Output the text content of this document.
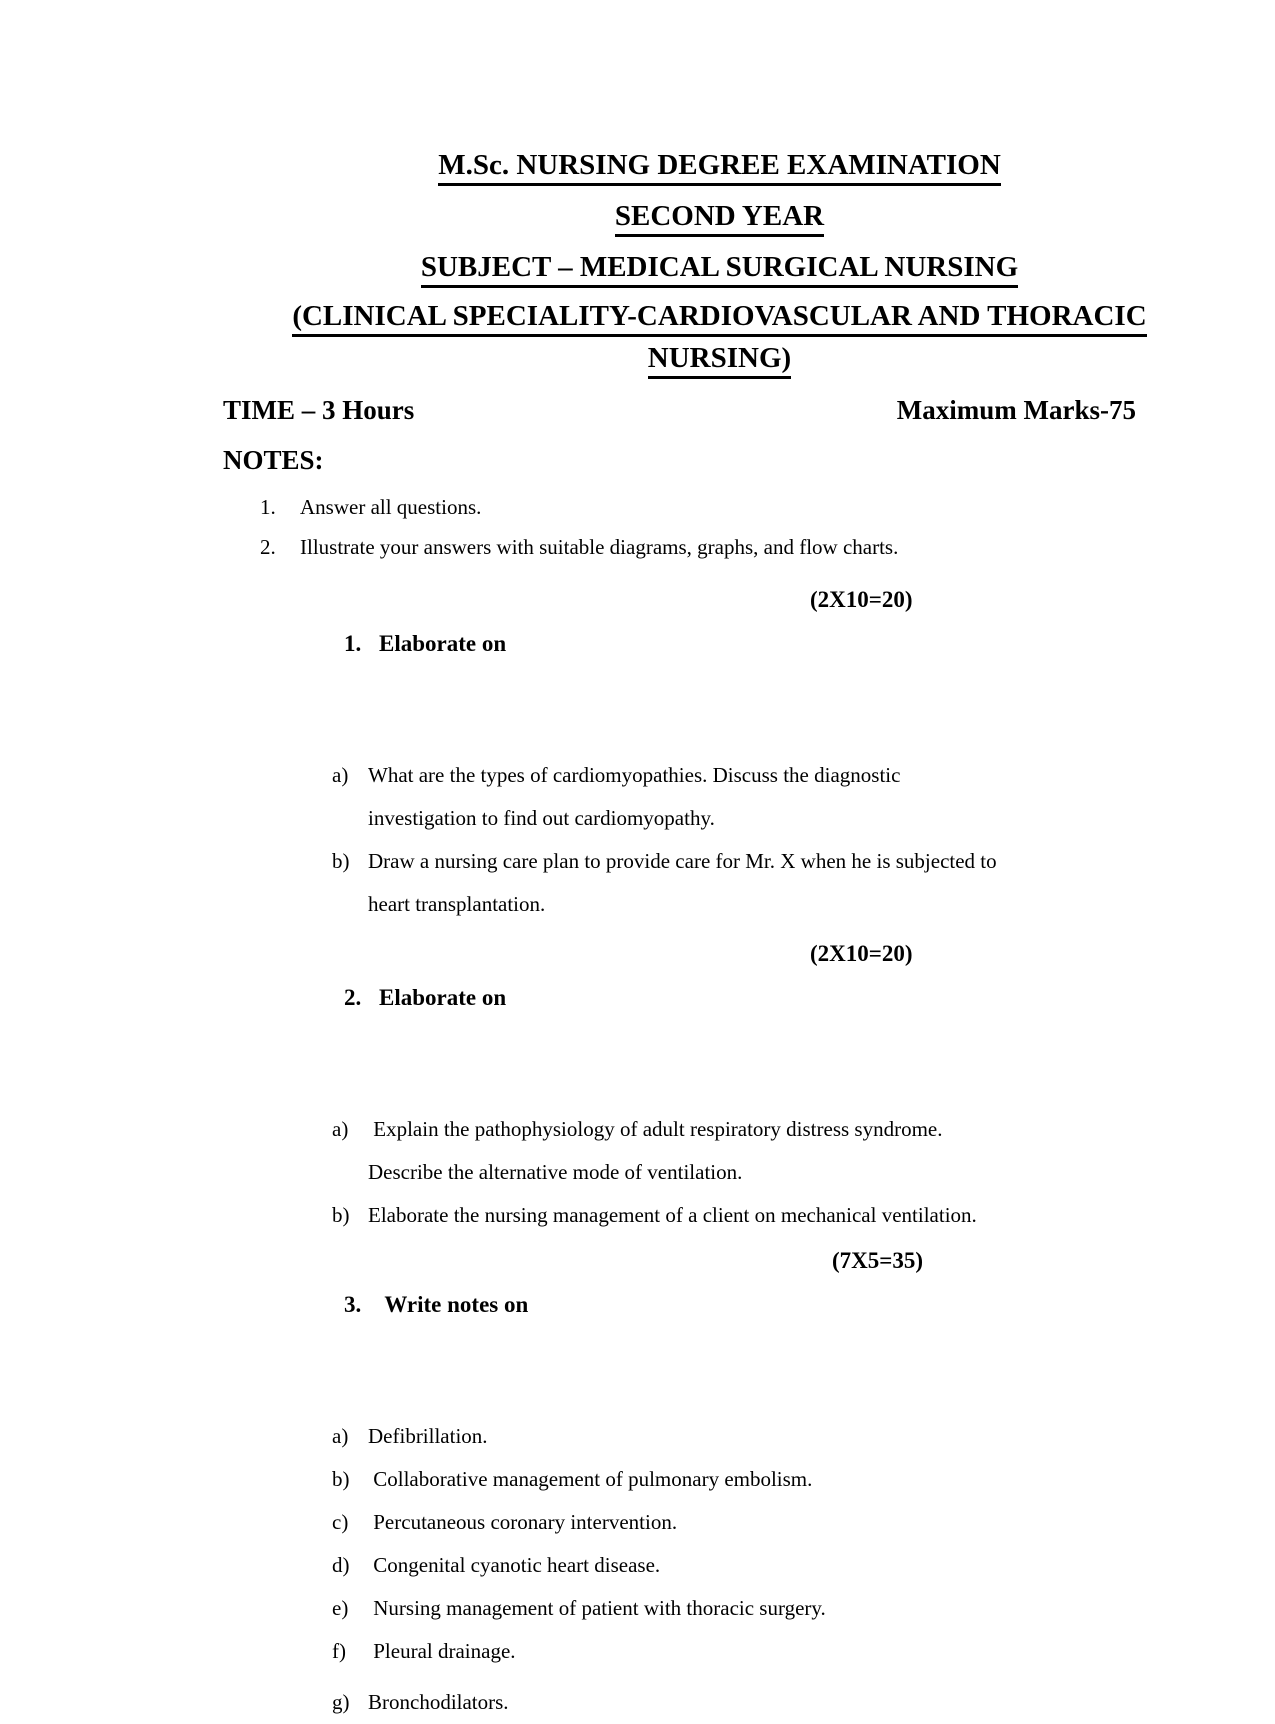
M.Sc. NURSING DEGREE EXAMINATION
SECOND YEAR
SUBJECT – MEDICAL SURGICAL NURSING
(CLINICAL SPECIALITY-CARDIOVASCULAR AND THORACIC
NURSING)
TIME – 3 Hours	Maximum Marks-75
NOTES:
1.	Answer all questions.
2.	Illustrate your answers with suitable diagrams, graphs, and flow charts.

1. Elaborate on

(2X10=20)

a) What are the types of cardiomyopathies. Discuss the diagnostic
investigation to find out cardiomyopathy.
b) Draw a nursing care plan to provide care for Mr. X when he is subjected to
heart transplantation.

2. Elaborate on

(2X10=20)

a) Explain the pathophysiology of adult respiratory distress syndrome.
Describe the alternative mode of ventilation.
b) Elaborate the nursing management of a client on mechanical ventilation.

3. Write notes on

(7X5=35)

a) Defibrillation.
b) Collaborative management of pulmonary embolism.
c) Percutaneous coronary intervention.
d) Congenital cyanotic heart disease.
e) Nursing management of patient with thoracic surgery.
f)	Pleural drainage.
g) Bronchodilators.
